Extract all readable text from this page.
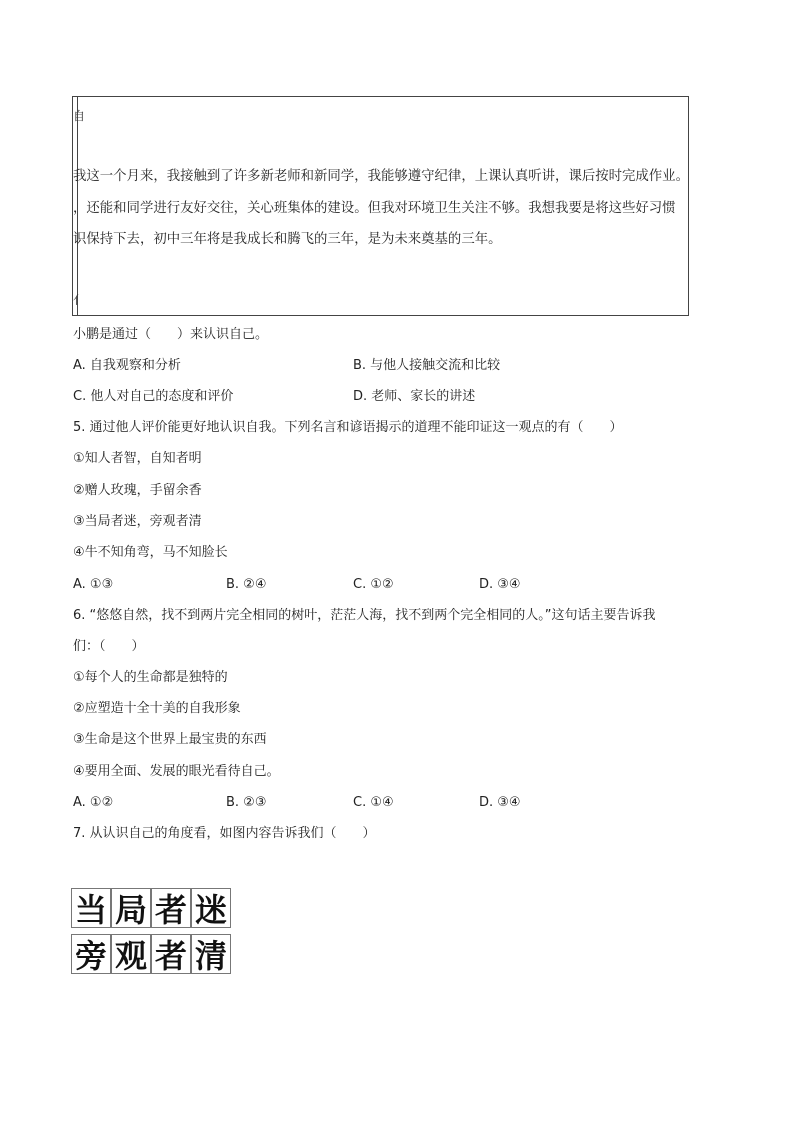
自
我这一个月来，我接触到了许多新老师和新同学，我能够遵守纪律，上课认真听讲，课后按时完成作业。
，还能和同学进行友好交往，关心班集体的建设。但我对环境卫生关注不够。我想我要是将这些好习惯
识保持下去，初中三年将是我成长和腾飞的三年，是为未来奠基的三年。
亻
小鹏是通过（　　）来认识自己。
A. 自我观察和分析	B. 与他人接触交流和比较
C. 他人对自己的态度和评价	D. 老师、家长的讲述
5. 通过他人评价能更好地认识自我。下列名言和谚语揭示的道理不能印证这一观点的有（　　）
①知人者智，自知者明
②赠人玫瑰，手留余香
③当局者迷，旁观者清
④牛不知角弯，马不知脸长
A. ①③	B. ②④	C. ①②	D. ③④
6. “悠悠自然，找不到两片完全相同的树叶，茫茫人海，找不到两个完全相同的人。”这句话主要告诉我
们：（　　）
①每个人的生命都是独特的
②应塑造十全十美的自我形象
③生命是这个世界上最宝贵的东西
④要用全面、发展的眼光看待自己。
A. ①②	B. ②③	C. ①④	D. ③④
7. 从认识自己的角度看，如图内容告诉我们（　　）
当 局 者 迷
旁 观 者 清
